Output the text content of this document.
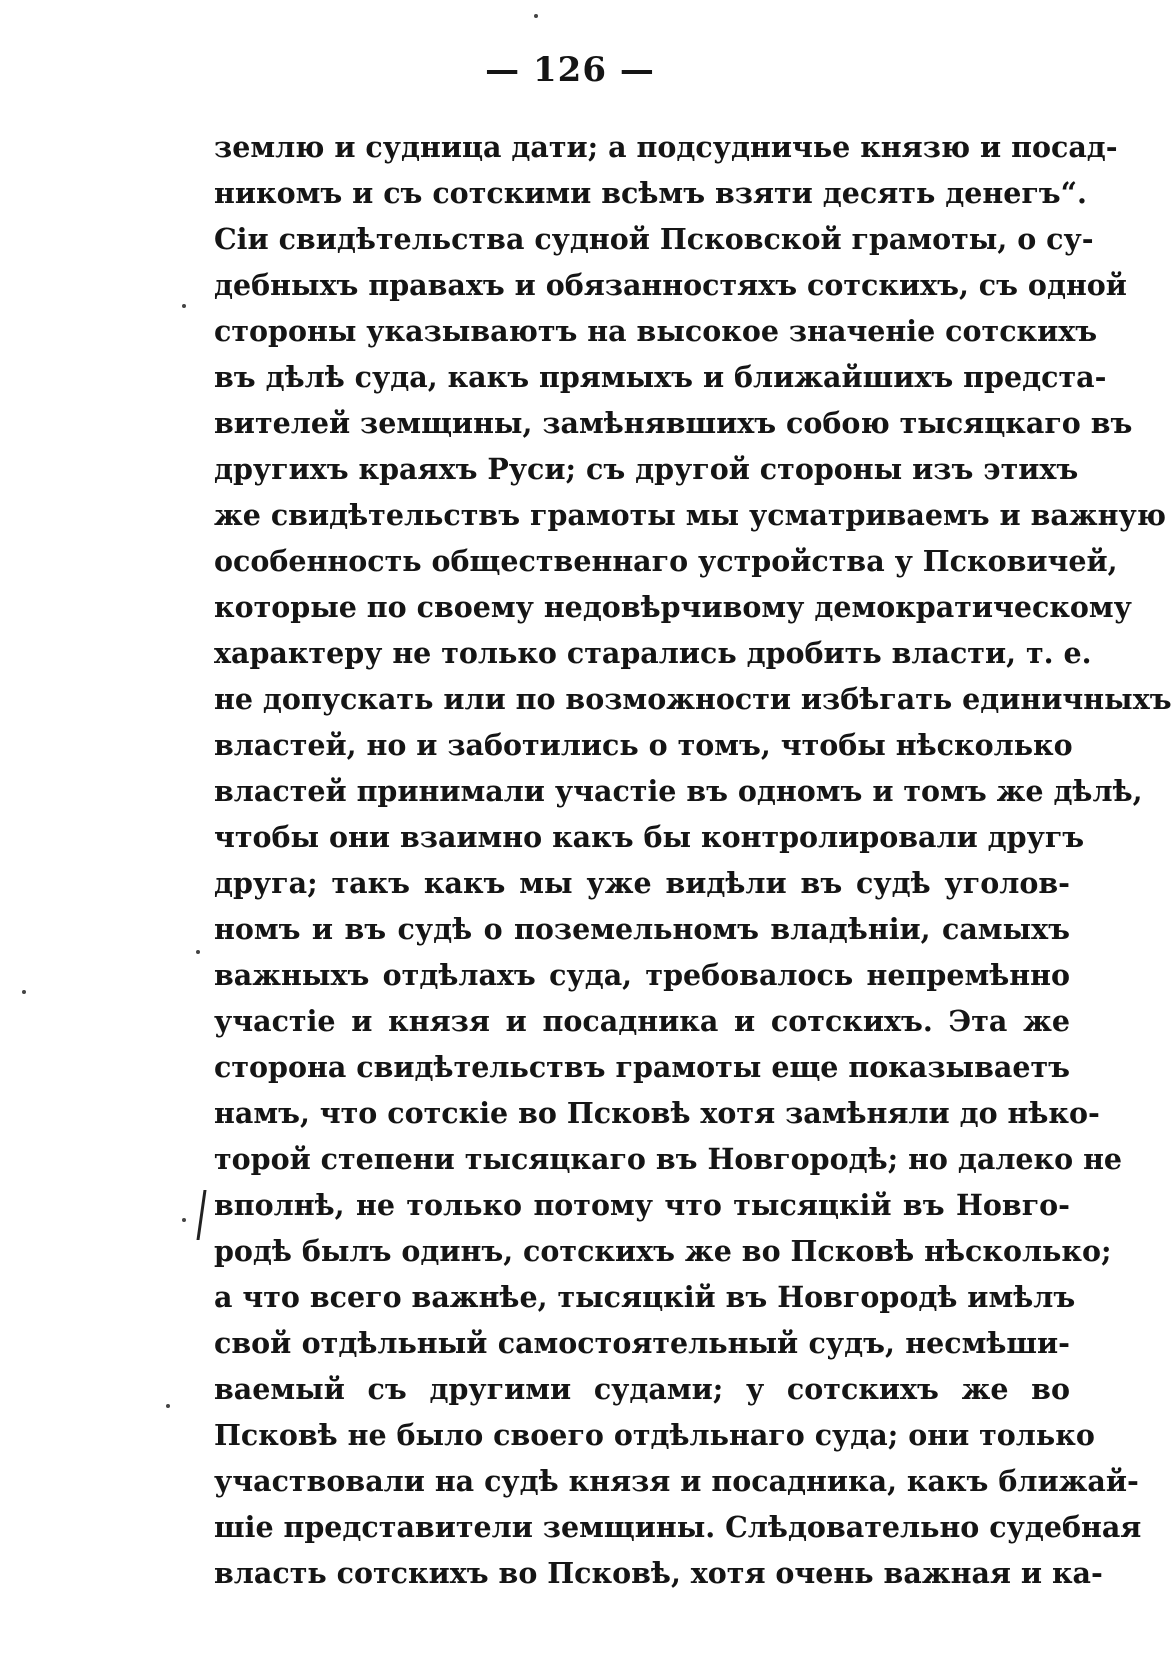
— 126 —
землю и судница дати; а подсудничье князю и посад-
никомъ и съ сотскими всѣмъ взяти десять денегъ“.
Сіи свидѣтельства судной Псковской грамоты, о су-
дебныхъ правахъ и обязанностяхъ сотскихъ, съ одной
стороны указываютъ на высокое значеніе сотскихъ
въ дѣлѣ суда, какъ прямыхъ и ближайшихъ предста-
вителей земщины, замѣнявшихъ собою тысяцкаго въ
другихъ краяхъ Руси; съ другой стороны изъ этихъ
же свидѣтельствъ грамоты мы усматриваемъ и важную
особенность общественнаго устройства у Псковичей,
которые по своему недовѣрчивому демократическому
характеру не только старались дробить власти, т. е.
не допускать или по возможности избѣгать единичныхъ
властей, но и заботились о томъ, чтобы нѣсколько
властей принимали участіе въ одномъ и томъ же дѣлѣ,
чтобы они взаимно какъ бы контролировали другъ
друга; такъ какъ мы уже видѣли въ судѣ уголов-
номъ и въ судѣ о поземельномъ владѣніи, самыхъ
важныхъ отдѣлахъ суда, требовалось непремѣнно
участіе и князя и посадника и сотскихъ. Эта же
сторона свидѣтельствъ грамоты еще показываетъ
намъ, что сотскіе во Псковѣ хотя замѣняли до нѣко-
торой степени тысяцкаго въ Новгородѣ; но далеко не
вполнѣ, не только потому что тысяцкій въ Новго-
родѣ былъ одинъ, сотскихъ же во Псковѣ нѣсколько;
а что всего важнѣе, тысяцкій въ Новгородѣ имѣлъ
свой отдѣльный самостоятельный судъ, несмѣши-
ваемый съ другими судами; у сотскихъ же во
Псковѣ не было своего отдѣльнаго суда; они только
участвовали на судѣ князя и посадника, какъ ближай-
шіе представители земщины. Слѣдовательно судебная
власть сотскихъ во Псковѣ, хотя очень важная и ка-
